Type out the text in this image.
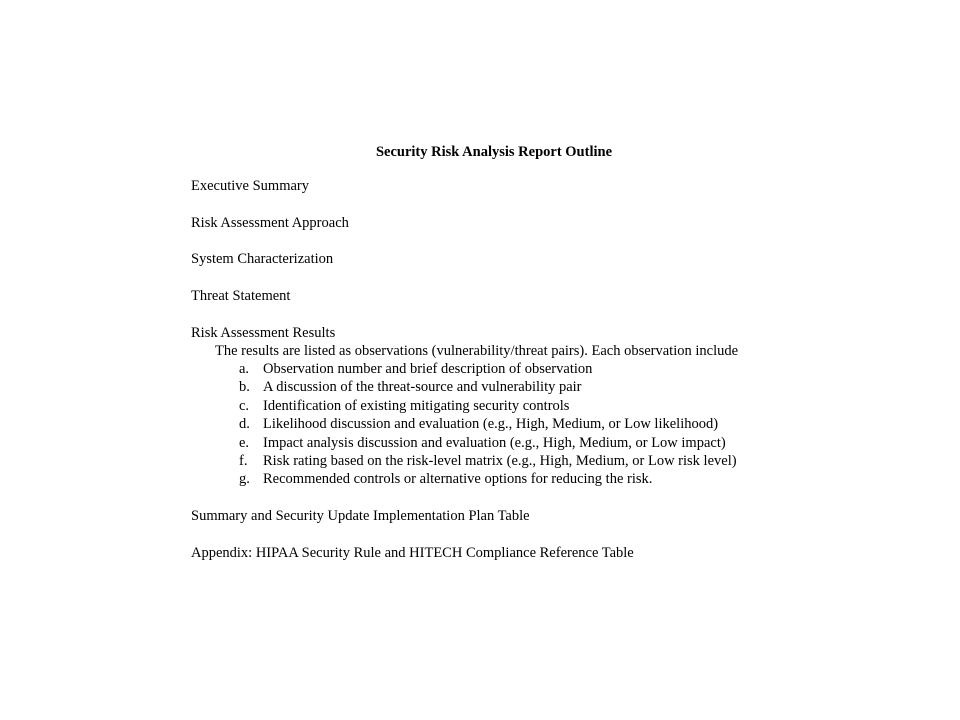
Security Risk Analysis Report Outline
Executive Summary
Risk Assessment Approach
System Characterization
Threat Statement
Risk Assessment Results
The results are listed as observations (vulnerability/threat pairs). Each observation include
a. Observation number and brief description of observation
b. A discussion of the threat-source and vulnerability pair
c. Identification of existing mitigating security controls
d. Likelihood discussion and evaluation (e.g., High, Medium, or Low likelihood)
e. Impact analysis discussion and evaluation (e.g., High, Medium, or Low impact)
f. Risk rating based on the risk-level matrix (e.g., High, Medium, or Low risk level)
g. Recommended controls or alternative options for reducing the risk.
Summary and Security Update Implementation Plan Table
Appendix: HIPAA Security Rule and HITECH Compliance Reference Table
